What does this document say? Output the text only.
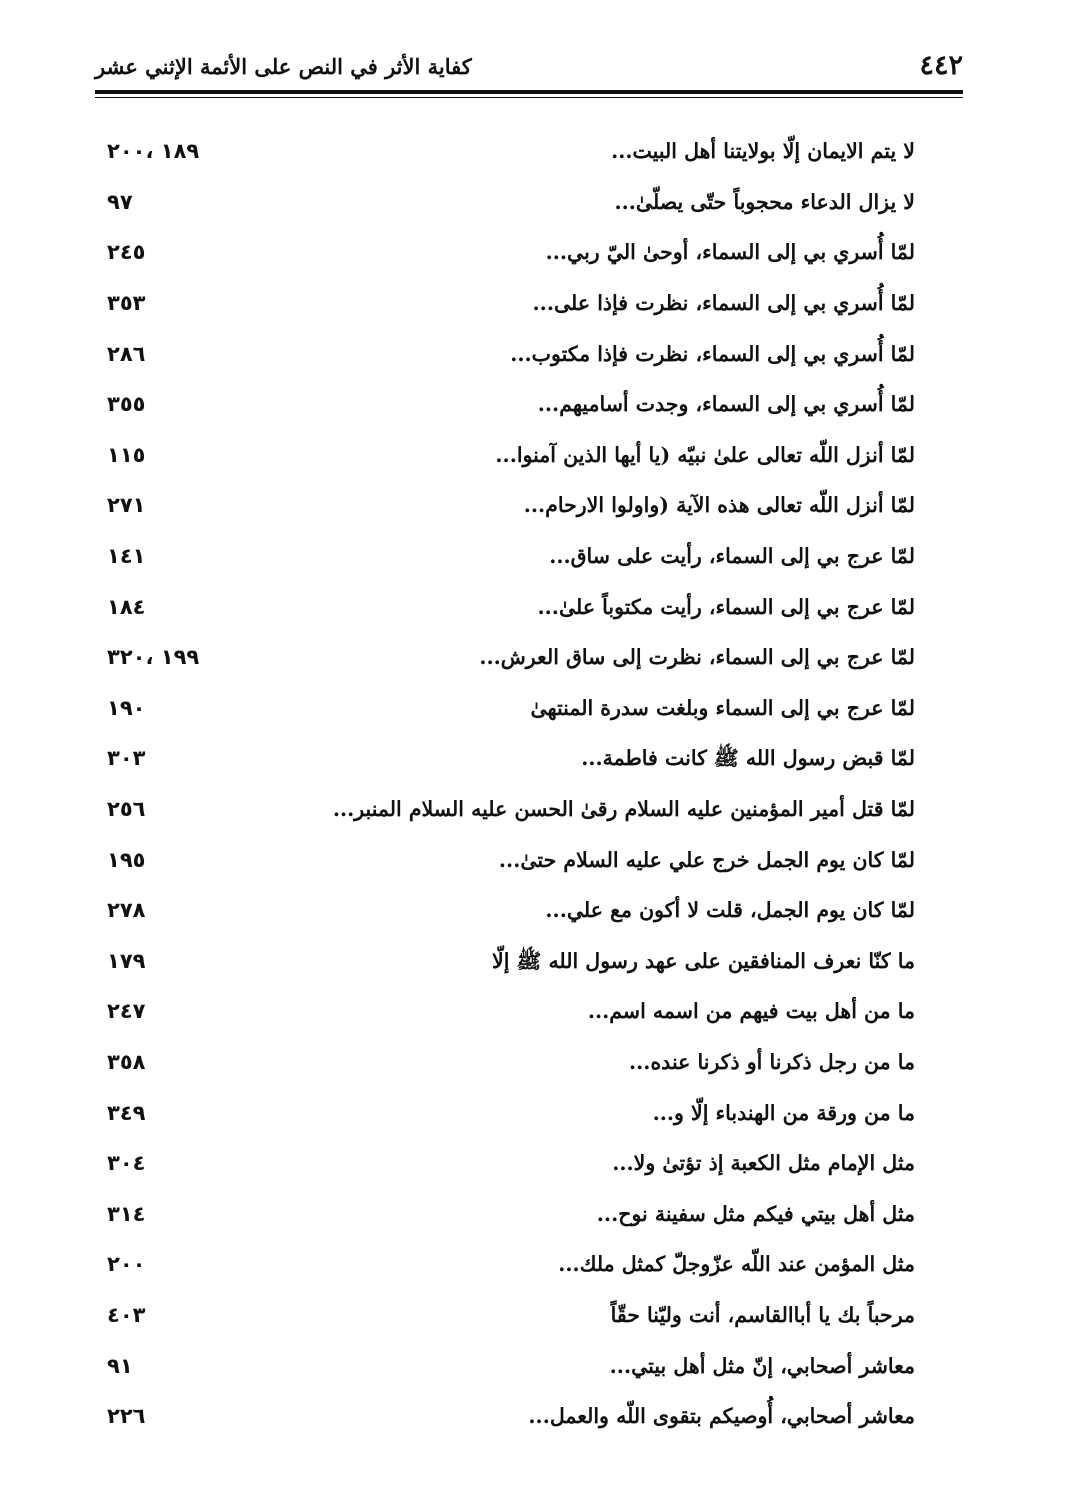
٤٤٢
كفاية الأثر في النص على الأئمة الإثني عشر
لا يتم الايمان إلّا بولايتنا أهل البيت...
١٨٩ ،٢٠٠
لا يزال الدعاء محجوباً حتّى يصلّىٰ...
٩٧
لمّا أُسري بي إلى السماء، أوحىٰ اليّ ربي...
٢٤٥
لمّا أُسري بي إلى السماء، نظرت فإذا على...
٣٥٣
لمّا أُسري بي إلى السماء، نظرت فإذا مكتوب...
٢٨٦
لمّا أُسري بي إلى السماء، وجدت أساميهم...
٣٥٥
لمّا أنزل اللّه تعالى علىٰ نبيّه (يا أيها الذين آمنوا...
١١٥
لمّا أنزل اللّه تعالى هذه الآية (واولوا الارحام...
٢٧١
لمّا عرج بي إلى السماء، رأيت على ساق...
١٤١
لمّا عرج بي إلى السماء، رأيت مكتوباً علىٰ...
١٨٤
لمّا عرج بي إلى السماء، نظرت إلى ساق العرش...
١٩٩ ،٣٢٠
لمّا عرج بي إلى السماء وبلغت سدرة المنتهىٰ
١٩٠
لمّا قبض رسول الله ﷺ كانت فاطمة...
٣٠٣
لمّا قتل أمير المؤمنين عليه السلام رقىٰ الحسن عليه السلام المنبر...
٢٥٦
لمّا كان يوم الجمل خرج علي عليه السلام حتىٰ...
١٩٥
لمّا كان يوم الجمل، قلت لا أكون مع علي...
٢٧٨
ما كنّا نعرف المنافقين على عهد رسول الله ﷺ إلّا
١٧٩
ما من أهل بيت فيهم من اسمه اسم...
٢٤٧
ما من رجل ذكرنا أو ذكرنا عنده...
٣٥٨
ما من ورقة من الهندباء إلّا و...
٣٤٩
مثل الإمام مثل الكعبة إذ تؤتىٰ ولا...
٣٠٤
مثل أهل بيتي فيكم مثل سفينة نوح...
٣١٤
مثل المؤمن عند اللّه عزّوجلّ كمثل ملك...
٢٠٠
مرحباً بك يا أباالقاسم، أنت وليّنا حقّاً
٤٠٣
معاشر أصحابي، إنّ مثل أهل بيتي...
٩١
معاشر أصحابي، أُوصيكم بتقوى اللّه والعمل...
٢٢٦
